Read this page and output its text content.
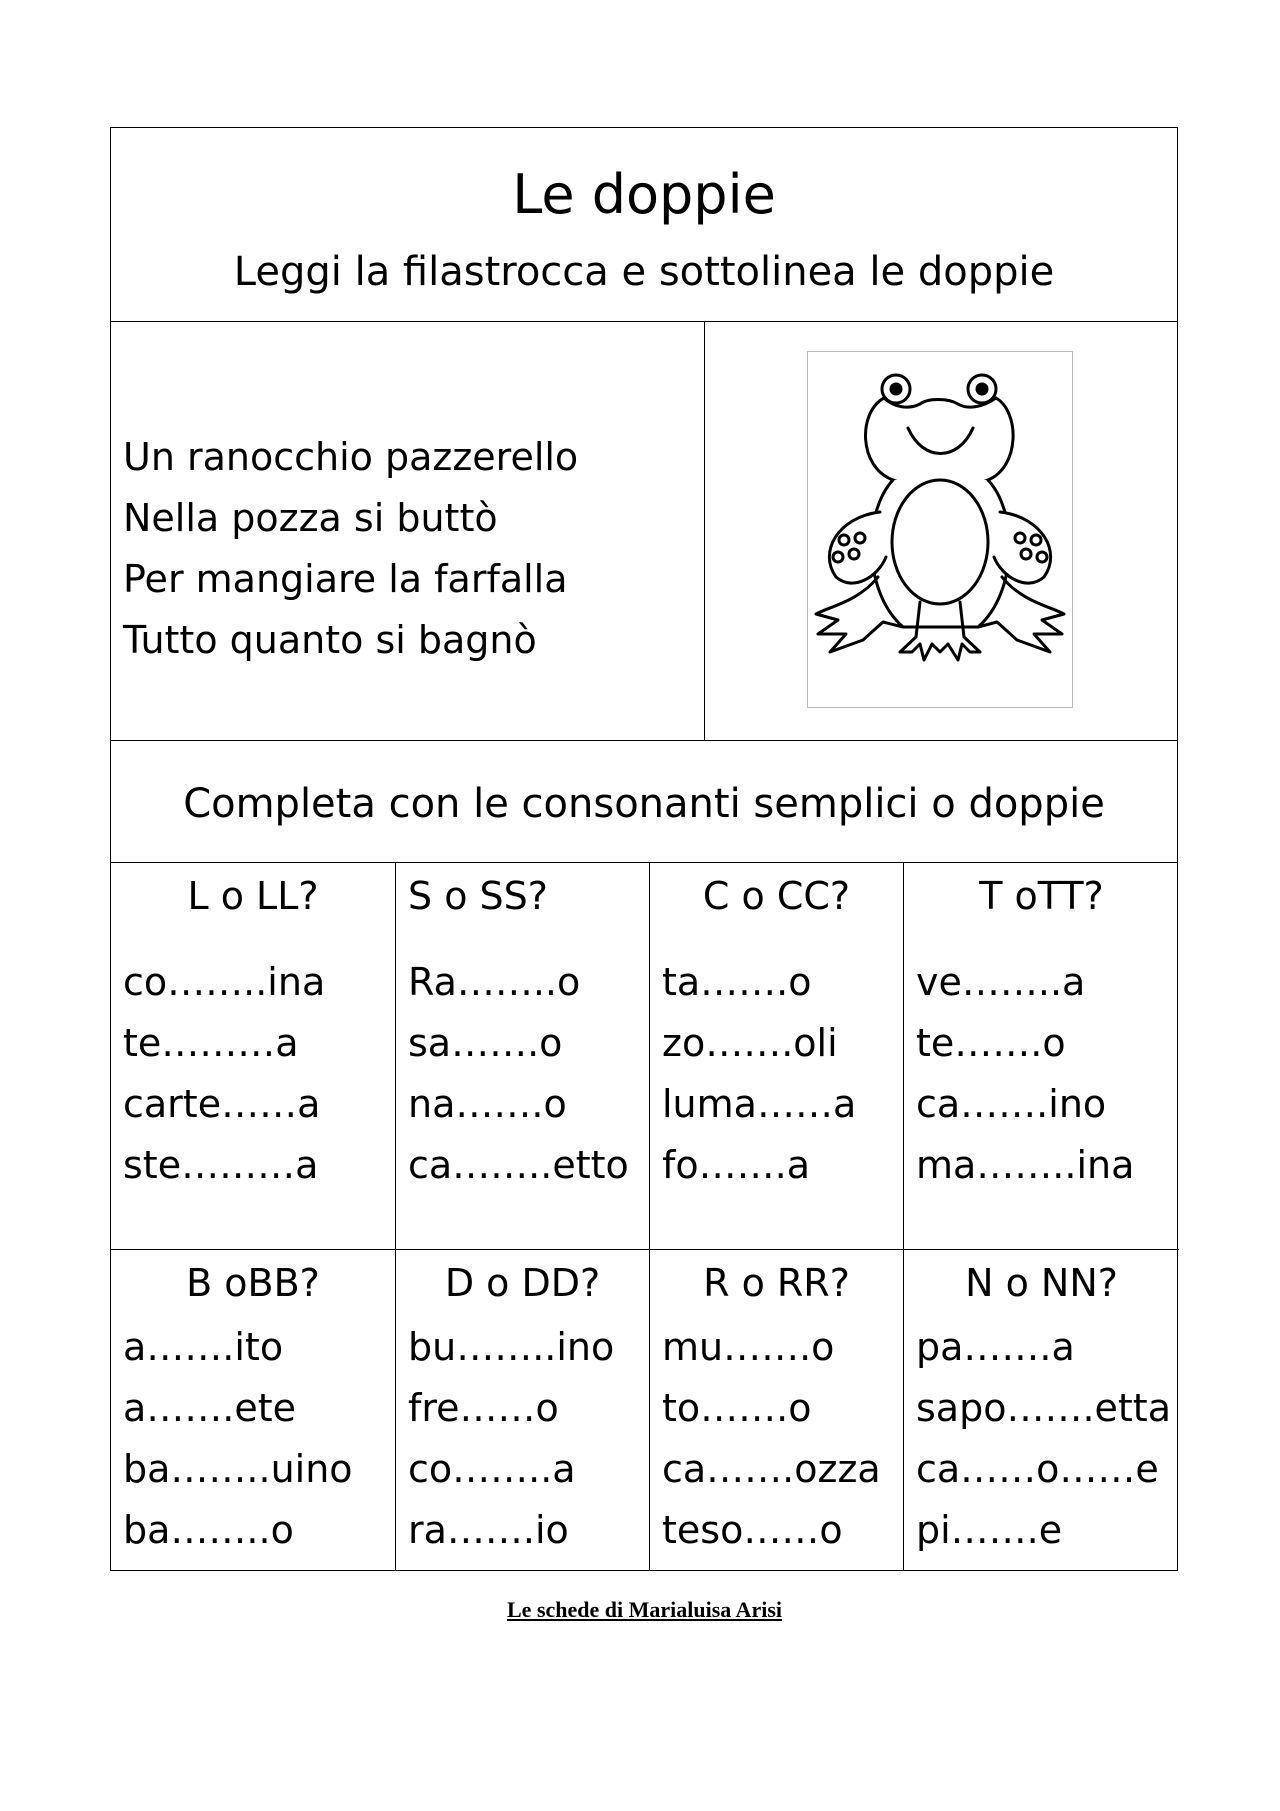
Le doppie
Leggi la filastrocca e sottolinea le doppie
Un ranocchio pazzerello
Nella pozza si buttò
Per mangiare la farfalla
Tutto quanto si bagnò
Completa con le consonanti semplici o doppie
L o LL?
co……..ina
te………a
carte……a
ste………a
S o SS?
Ra……..o
sa…….o
na…….o
ca……..etto
C o CC?
ta…….o
zo…….oli
luma……a
fo…….a
T oTT?
ve……..a
te…….o
ca…….ino
ma……..ina
B oBB?
a…….ito
a…….ete
ba……..uino
ba……..o
D o DD?
bu……..ino
fre……o
co……..a
ra…….io
R o RR?
mu…….o
to…….o
ca…….ozza
teso……o
N o NN?
pa…….a
sapo…….etta
ca……o……e
pi…….e
Le schede di Marialuisa Arisi
